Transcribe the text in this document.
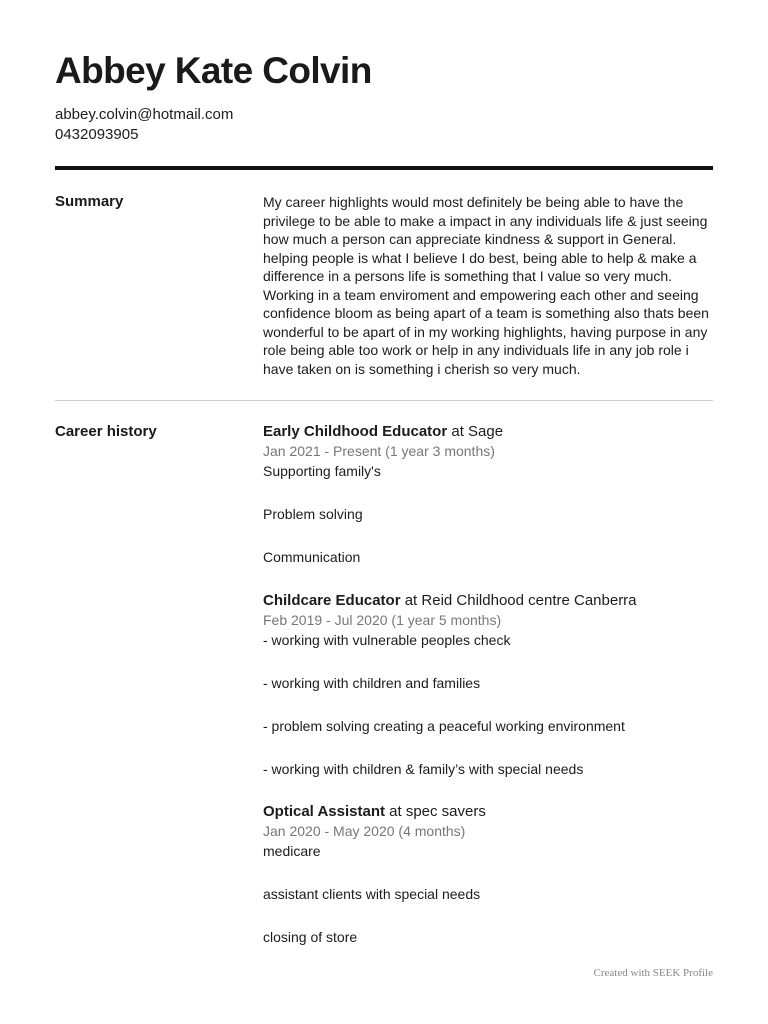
Abbey Kate Colvin
abbey.colvin@hotmail.com
0432093905
Summary	My career highlights would most definitely be being able to have the privilege to be able to make a impact in any individuals life & just seeing how much a person can appreciate kindness & support in General. helping people is what I believe I do best, being able to help & make a difference in a persons life is something that I value so very much. Working in a team enviroment and empowering each other and seeing confidence bloom as being apart of a team is something also thats been wonderful to be apart of in my working highlights, having purpose in any role being able too work or help in any individuals life in any job role i have taken on is something i cherish so very much.
Career history	Early Childhood Educator at Sage
Jan 2021 - Present (1 year 3 months)
Supporting family's
Problem solving
Communication
Childcare Educator at Reid Childhood centre Canberra
Feb 2019 - Jul 2020 (1 year 5 months)
- working with vulnerable peoples check
- working with children and families
- problem solving creating a peaceful working environment
- working with children & family’s with special needs
Optical Assistant at spec savers
Jan 2020 - May 2020 (4 months)
medicare
assistant clients with special needs
closing of store
Created with SEEK Profile
